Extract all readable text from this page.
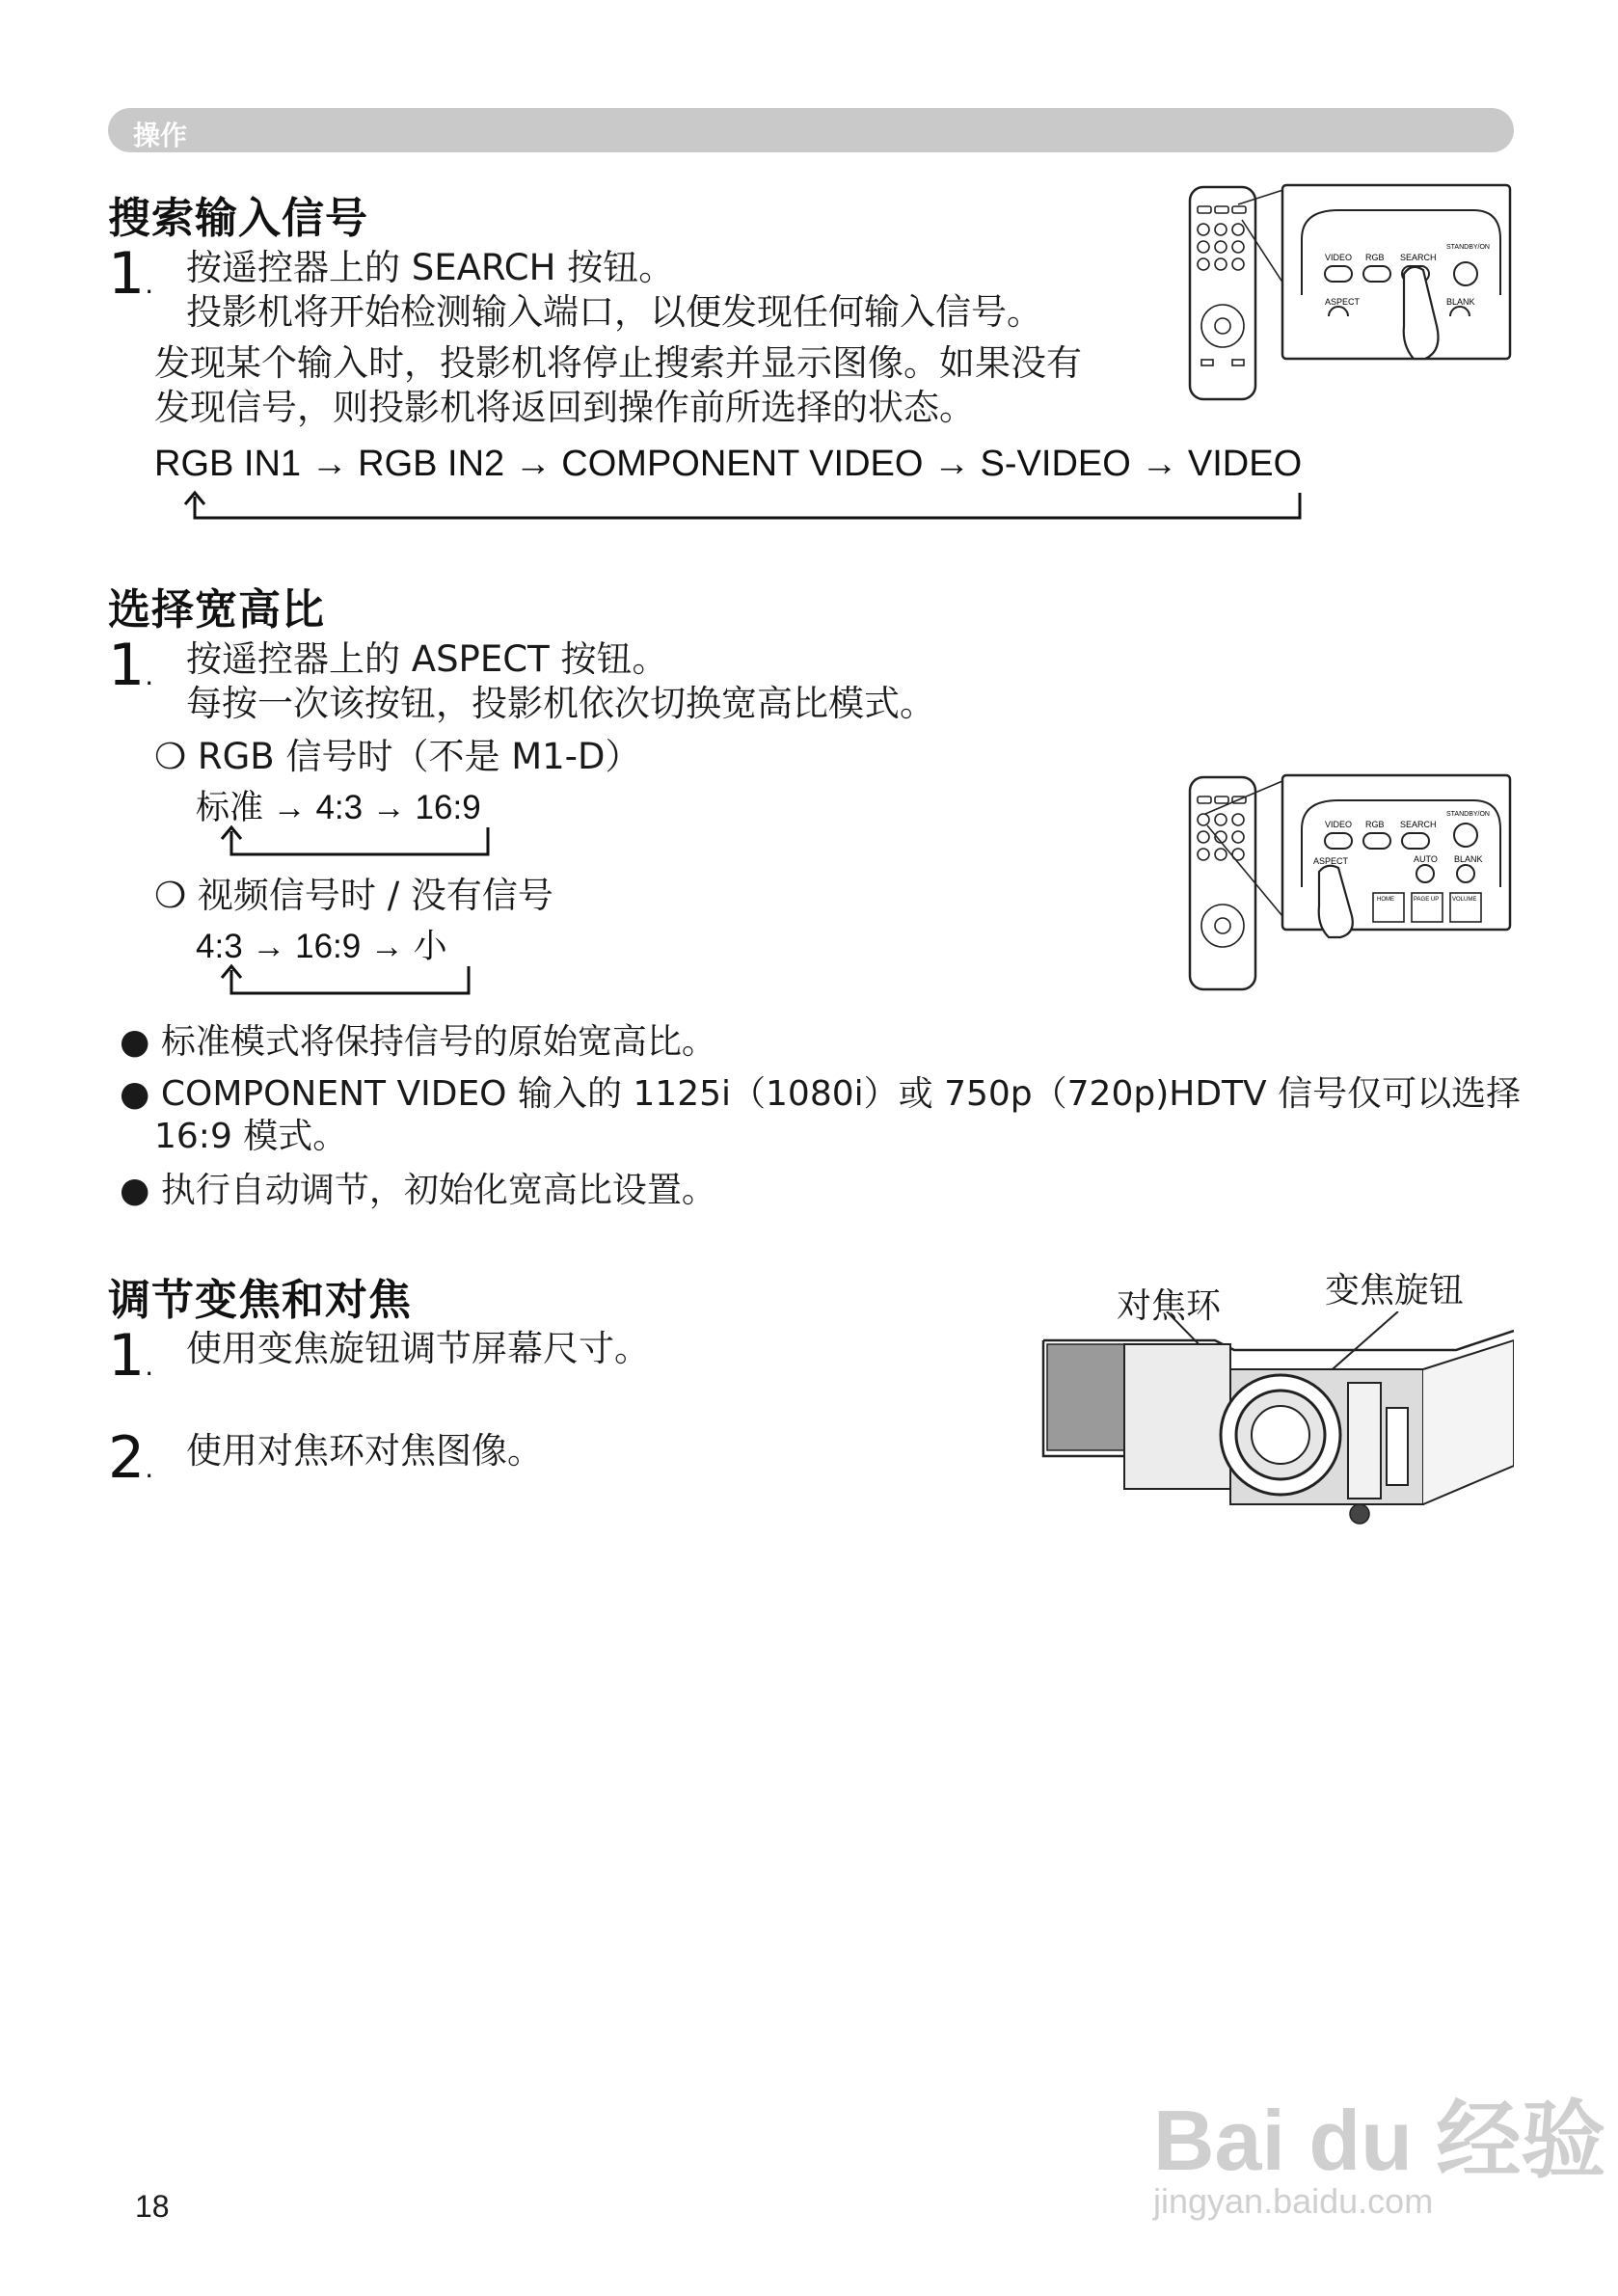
操作
搜索输入信号
1. 按遥控器上的 SEARCH 按钮。
投影机将开始检测输入端口，以便发现任何输入信号。
发现某个输入时，投影机将停止搜索并显示图像。如果没有
发现信号，则投影机将返回到操作前所选择的状态。
RGB IN1 → RGB IN2 → COMPONENT VIDEO → S-VIDEO → VIDEO
VIDEO RGB SEARCH
STANDBY/ON
ASPECT	BLANK
选择宽高比
1. 按遥控器上的 ASPECT 按钮。
每按一次该按钮，投影机依次切换宽高比模式。
❍ RGB 信号时（不是 M1-D）
标准 → 4:3 → 16:9
❍ 视频信号时 / 没有信号
4:3 → 16:9 → 小
● 标准模式将保持信号的原始宽高比。
● COMPONENT VIDEO 输入的 1125i（1080i）或 750p（720p)HDTV 信号仅可以选择
16:9 模式。
● 执行自动调节，初始化宽高比设置。
VIDEO RGB SEARCH
STANDBY/ON
ASPECT	AUTO BLANK
HOME	PAGE UP VOLUME
调节变焦和对焦
1. 使用变焦旋钮调节屏幕尺寸。
2. 使用对焦环对焦图像。
对焦环	变焦旋钮
18
Bai du 经验
jingyan.baidu.com
